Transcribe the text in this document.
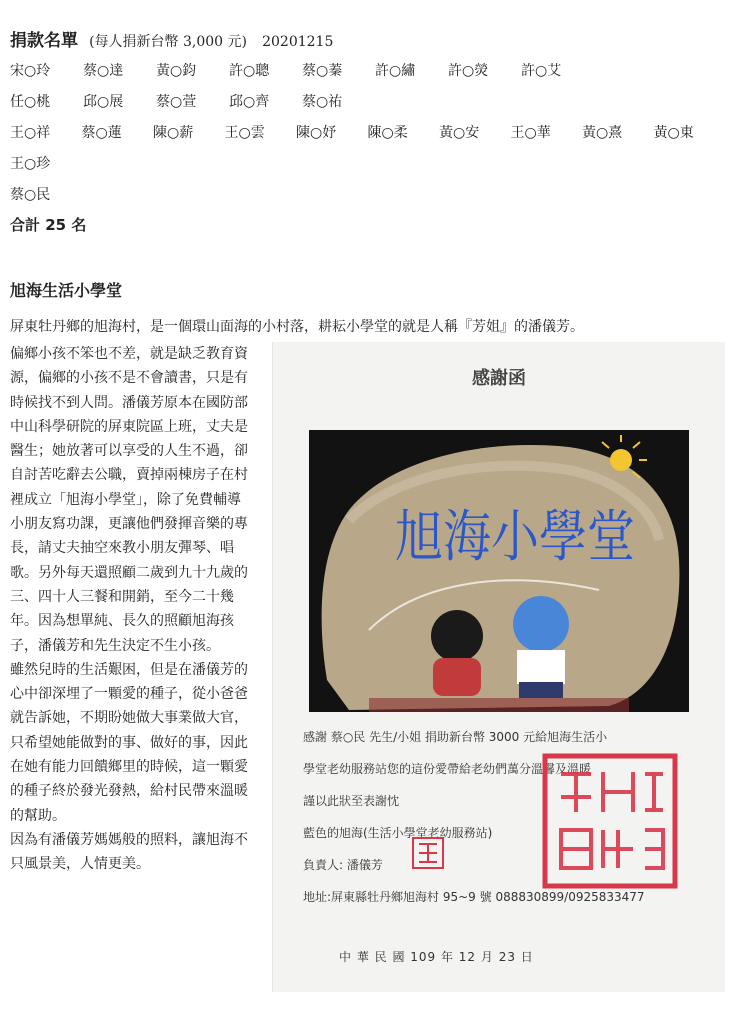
捐款名單 (每人捐新台幣 3,000 元) 20201215
宋○玲	蔡○達	黃○鈞	許○聰	蔡○蓁	許○繡	許○熒	許○艾
任○桃	邱○展	蔡○萱	邱○齊	蔡○祐
王○祥	蔡○蓮	陳○薪	王○雲	陳○妤	陳○柔	黃○安	王○華	黃○熹	黃○東
王○珍
蔡○民
合計 25 名
旭海生活小學堂
屏東牡丹鄉的旭海村，是一個環山面海的小村落，耕耘小學堂的就是人稱『芳姐』的潘儀芳。

偏鄉小孩不笨也不差，就是缺乏教育資源，偏鄉的小孩不是不會讀書，只是有時候找不到人問。潘儀芳原本在國防部中山科學研院的屏東院區上班，丈夫是醫生；她放著可以享受的人生不過，卻自討苦吃辭去公職，賣掉兩棟房子在村裡成立「旭海小學堂」，除了免費輔導小朋友寫功課，更讓他們發揮音樂的專長，請丈夫抽空來教小朋友彈琴、唱歌。另外每天還照顧二歲到九十九歲的三、四十人三餐和開銷，至今二十幾年。因為想單純、長久的照顧旭海孩子，潘儀芳和先生決定不生小孩。

雖然兒時的生活艱困，但是在潘儀芳的心中卻深埋了一顆愛的種子，從小爸爸就告訴她，不期盼她做大事業做大官，只希望她能做對的事、做好的事，因此在她有能力回饋鄉里的時候，這一顆愛的種子終於發光發熱，給村民帶來溫暖的幫助。

因為有潘儀芳媽媽般的照料，讓旭海不只風景美，人情更美。

感謝函
旭海小學堂
感謝 蔡○民 先生/小姐 捐助新台幣 3000 元給旭海生活小
學堂老幼服務站您的這份愛帶給老幼們萬分溫馨及溫暖
謹以此狀至表謝忱
藍色的旭海(生活小學堂老幼服務站)
負責人: 潘儀芳
地址:屏東縣牡丹鄉旭海村 95~9 號 088830899/0925833477
中 華 民 國 109 年 12 月 23 日
